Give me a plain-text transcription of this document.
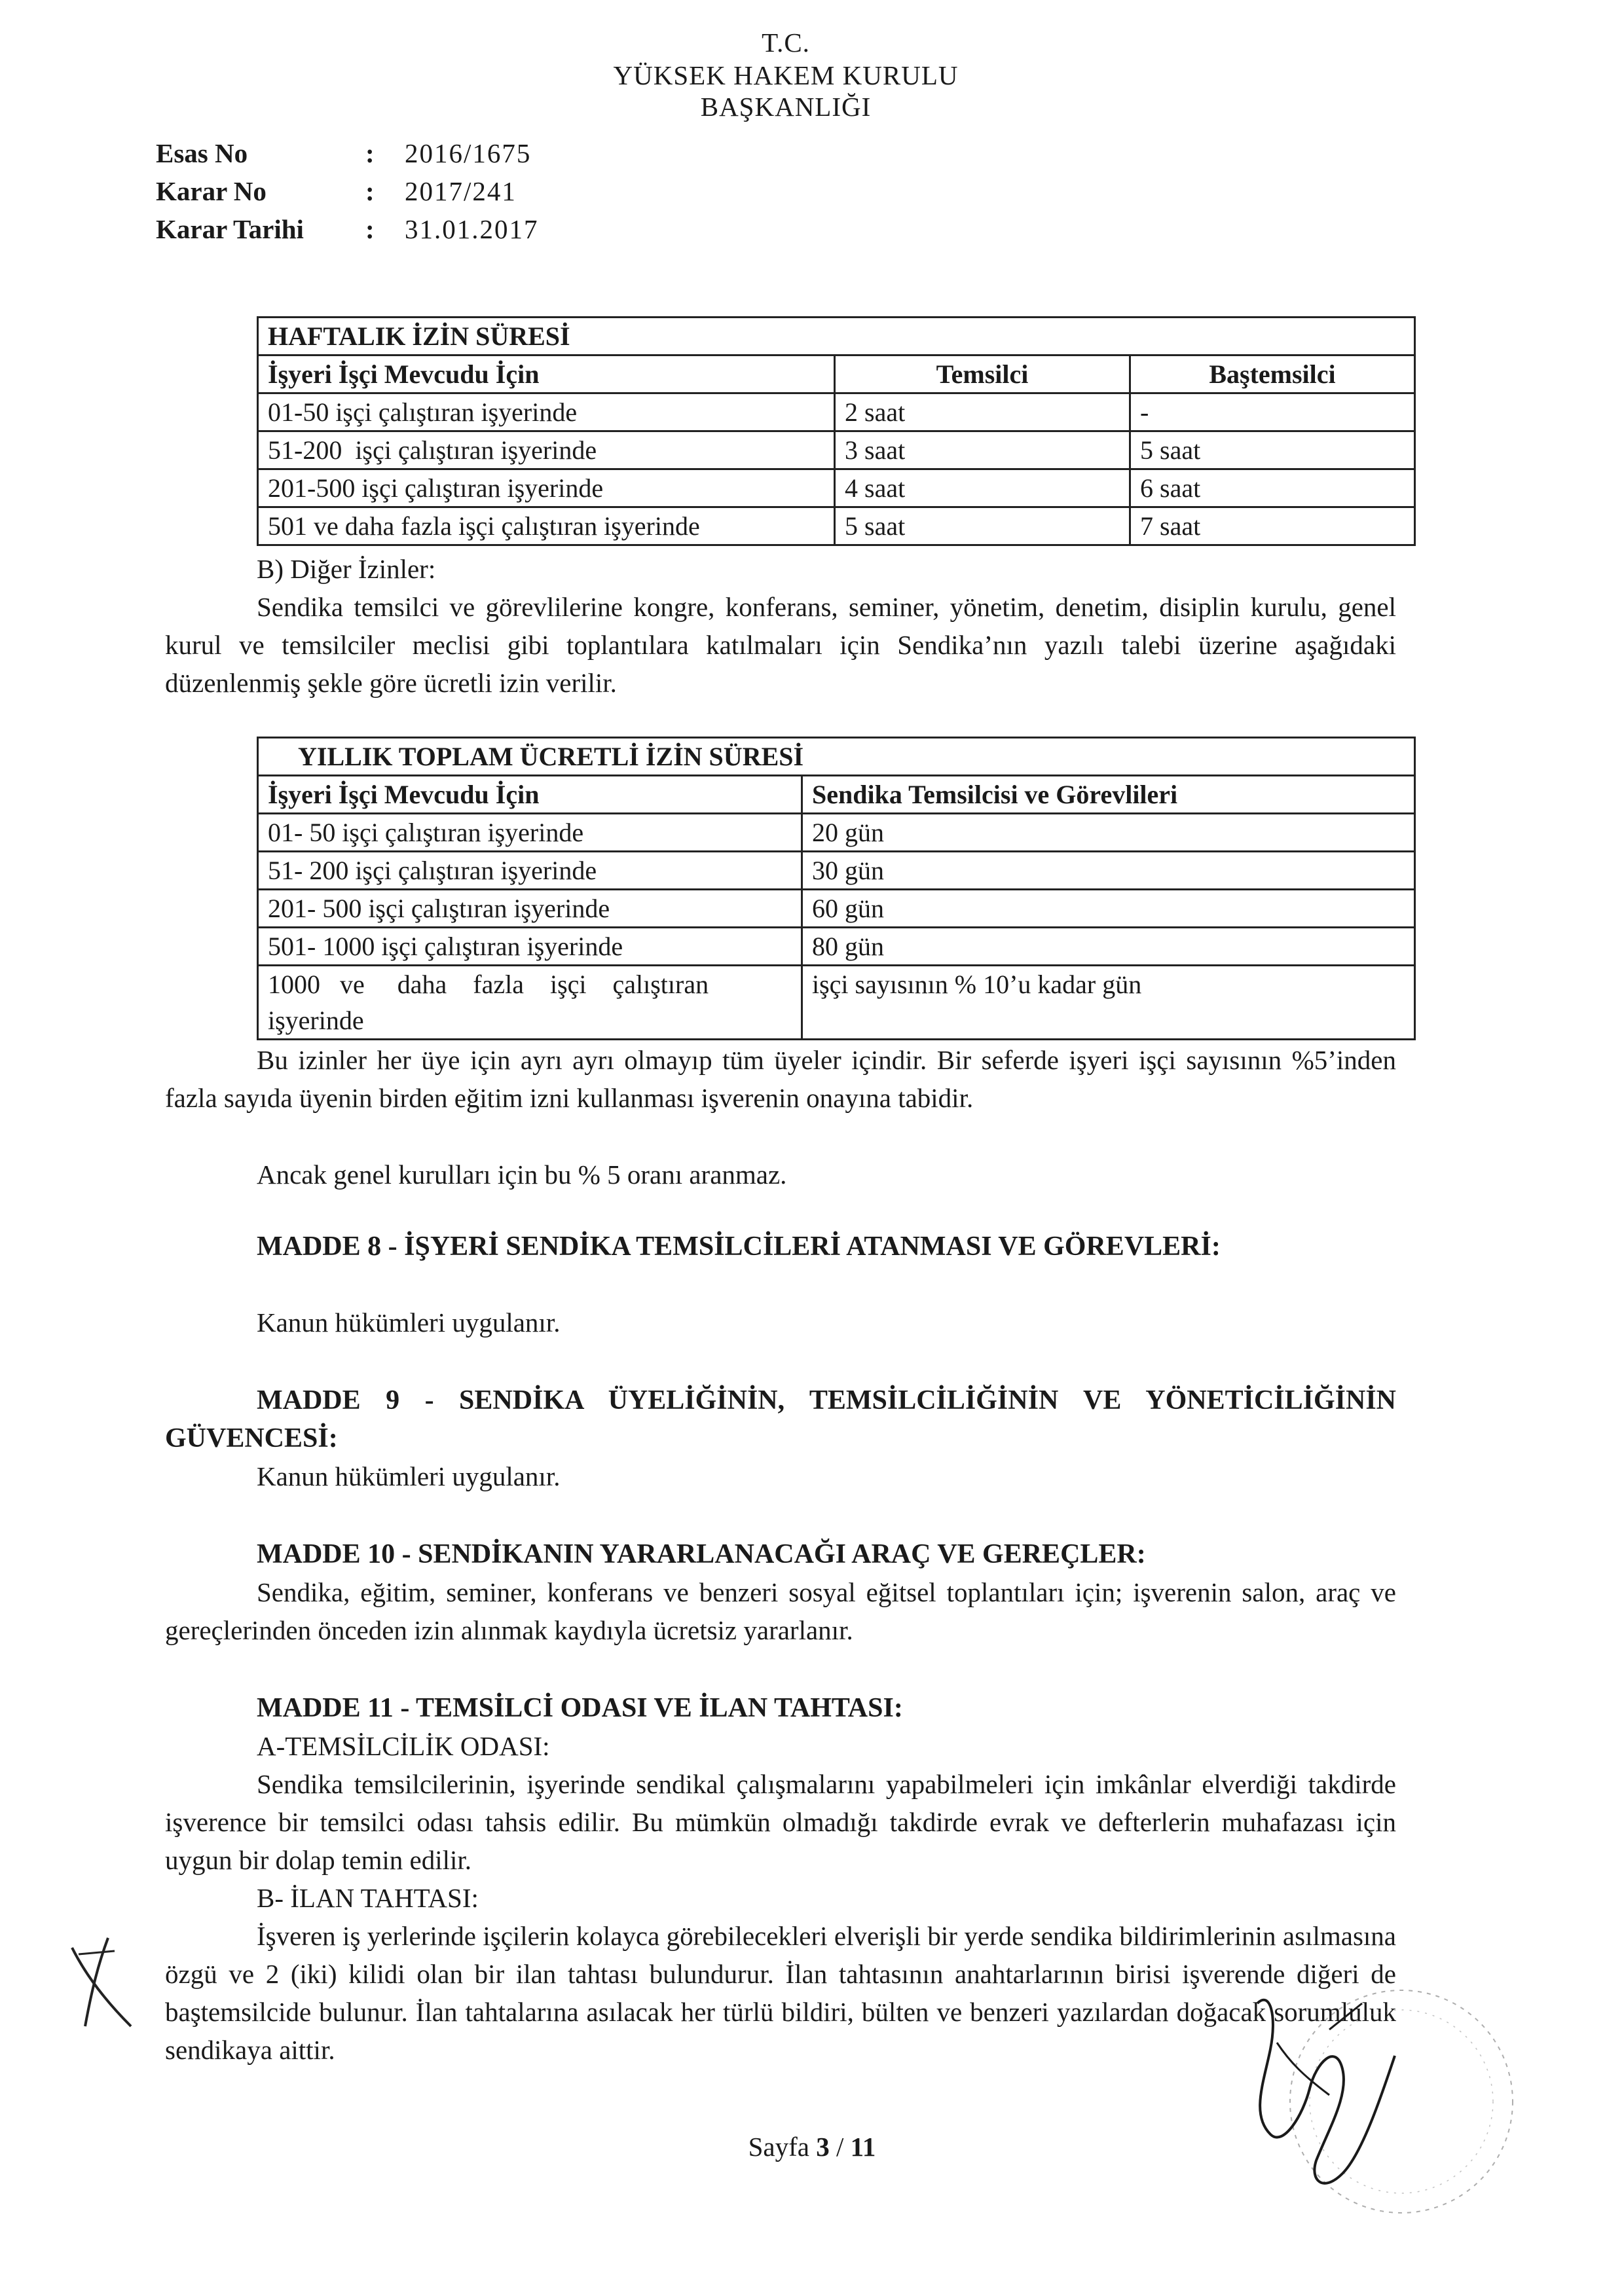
T.C.
YÜKSEK HAKEM KURULU
BAŞKANLIĞI
Esas No	: 2016/1675
Karar No	: 2017/241
Karar Tarihi : 31.01.2017
HAFTALIK İZİN SÜRESİ		
İşyeri İşçi Mevcudu İçin	Temsilci	Baştemsilci
01-50 işçi çalıştıran işyerinde	2 saat	-
51-200  işçi çalıştıran işyerinde	3 saat	5 saat
201-500 işçi çalıştıran işyerinde	4 saat	6 saat
501 ve daha fazla işçi çalıştıran işyerinde	5 saat	7 saat
B) Diğer İzinler:
Sendika temsilci ve görevlilerine kongre, konferans, seminer, yönetim, denetim, disiplin kurulu, genel kurul ve temsilciler meclisi gibi toplantılara katılmaları için Sendika’nın yazılı talebi üzerine aşağıdaki düzenlenmiş şekle göre ücretli izin verilir.
YILLIK TOPLAM ÜCRETLİ İZİN SÜRESİ	
İşyeri İşçi Mevcudu İçin	Sendika Temsilcisi ve Görevlileri
01- 50 işçi çalıştıran işyerinde	20 gün
51- 200 işçi çalıştıran işyerinde	30 gün
201- 500 işçi çalıştıran işyerinde	60 gün
501- 1000 işçi çalıştıran işyerinde	80 gün

1000   ve     daha    fazla    işçi    çalıştıran
işyerinde	işçi sayısının % 10’u kadar gün
Bu izinler her üye için ayrı ayrı olmayıp tüm üyeler içindir. Bir seferde işyeri işçi sayısının %5’inden fazla sayıda üyenin birden eğitim izni kullanması işverenin onayına tabidir.
Ancak genel kurulları için bu % 5 oranı aranmaz.
MADDE 8 - İŞYERİ SENDİKA TEMSİLCİLERİ ATANMASI VE GÖREVLERİ:
Kanun hükümleri uygulanır.
MADDE 9 - SENDİKA ÜYELİĞİNİN, TEMSİLCİLİĞİNİN VE YÖNETİCİLİĞİNİN GÜVENCESİ:
Kanun hükümleri uygulanır.
MADDE 10 - SENDİKANIN YARARLANACAĞI ARAÇ VE GEREÇLER:
Sendika, eğitim, seminer, konferans ve benzeri sosyal eğitsel toplantıları için; işverenin salon, araç ve gereçlerinden önceden izin alınmak kaydıyla ücretsiz yararlanır.
MADDE 11 - TEMSİLCİ ODASI VE İLAN TAHTASI:
A-TEMSİLCİLİK ODASI:
Sendika temsilcilerinin, işyerinde sendikal çalışmalarını yapabilmeleri için imkânlar elverdiği takdirde işverence bir temsilci odası tahsis edilir. Bu mümkün olmadığı takdirde evrak ve defterlerin muhafazası için uygun bir dolap temin edilir.
B- İLAN TAHTASI:
İşveren iş yerlerinde işçilerin kolayca görebilecekleri elverişli bir yerde sendika bildirimlerinin asılmasına özgü ve 2 (iki) kilidi olan bir ilan tahtası bulundurur. İlan tahtasının anahtarlarının birisi işverende diğeri de baştemsilcide bulunur. İlan tahtalarına asılacak her türlü bildiri, bülten ve benzeri yazılardan doğacak sorumluluk sendikaya aittir.
Sayfa 3 / 11
